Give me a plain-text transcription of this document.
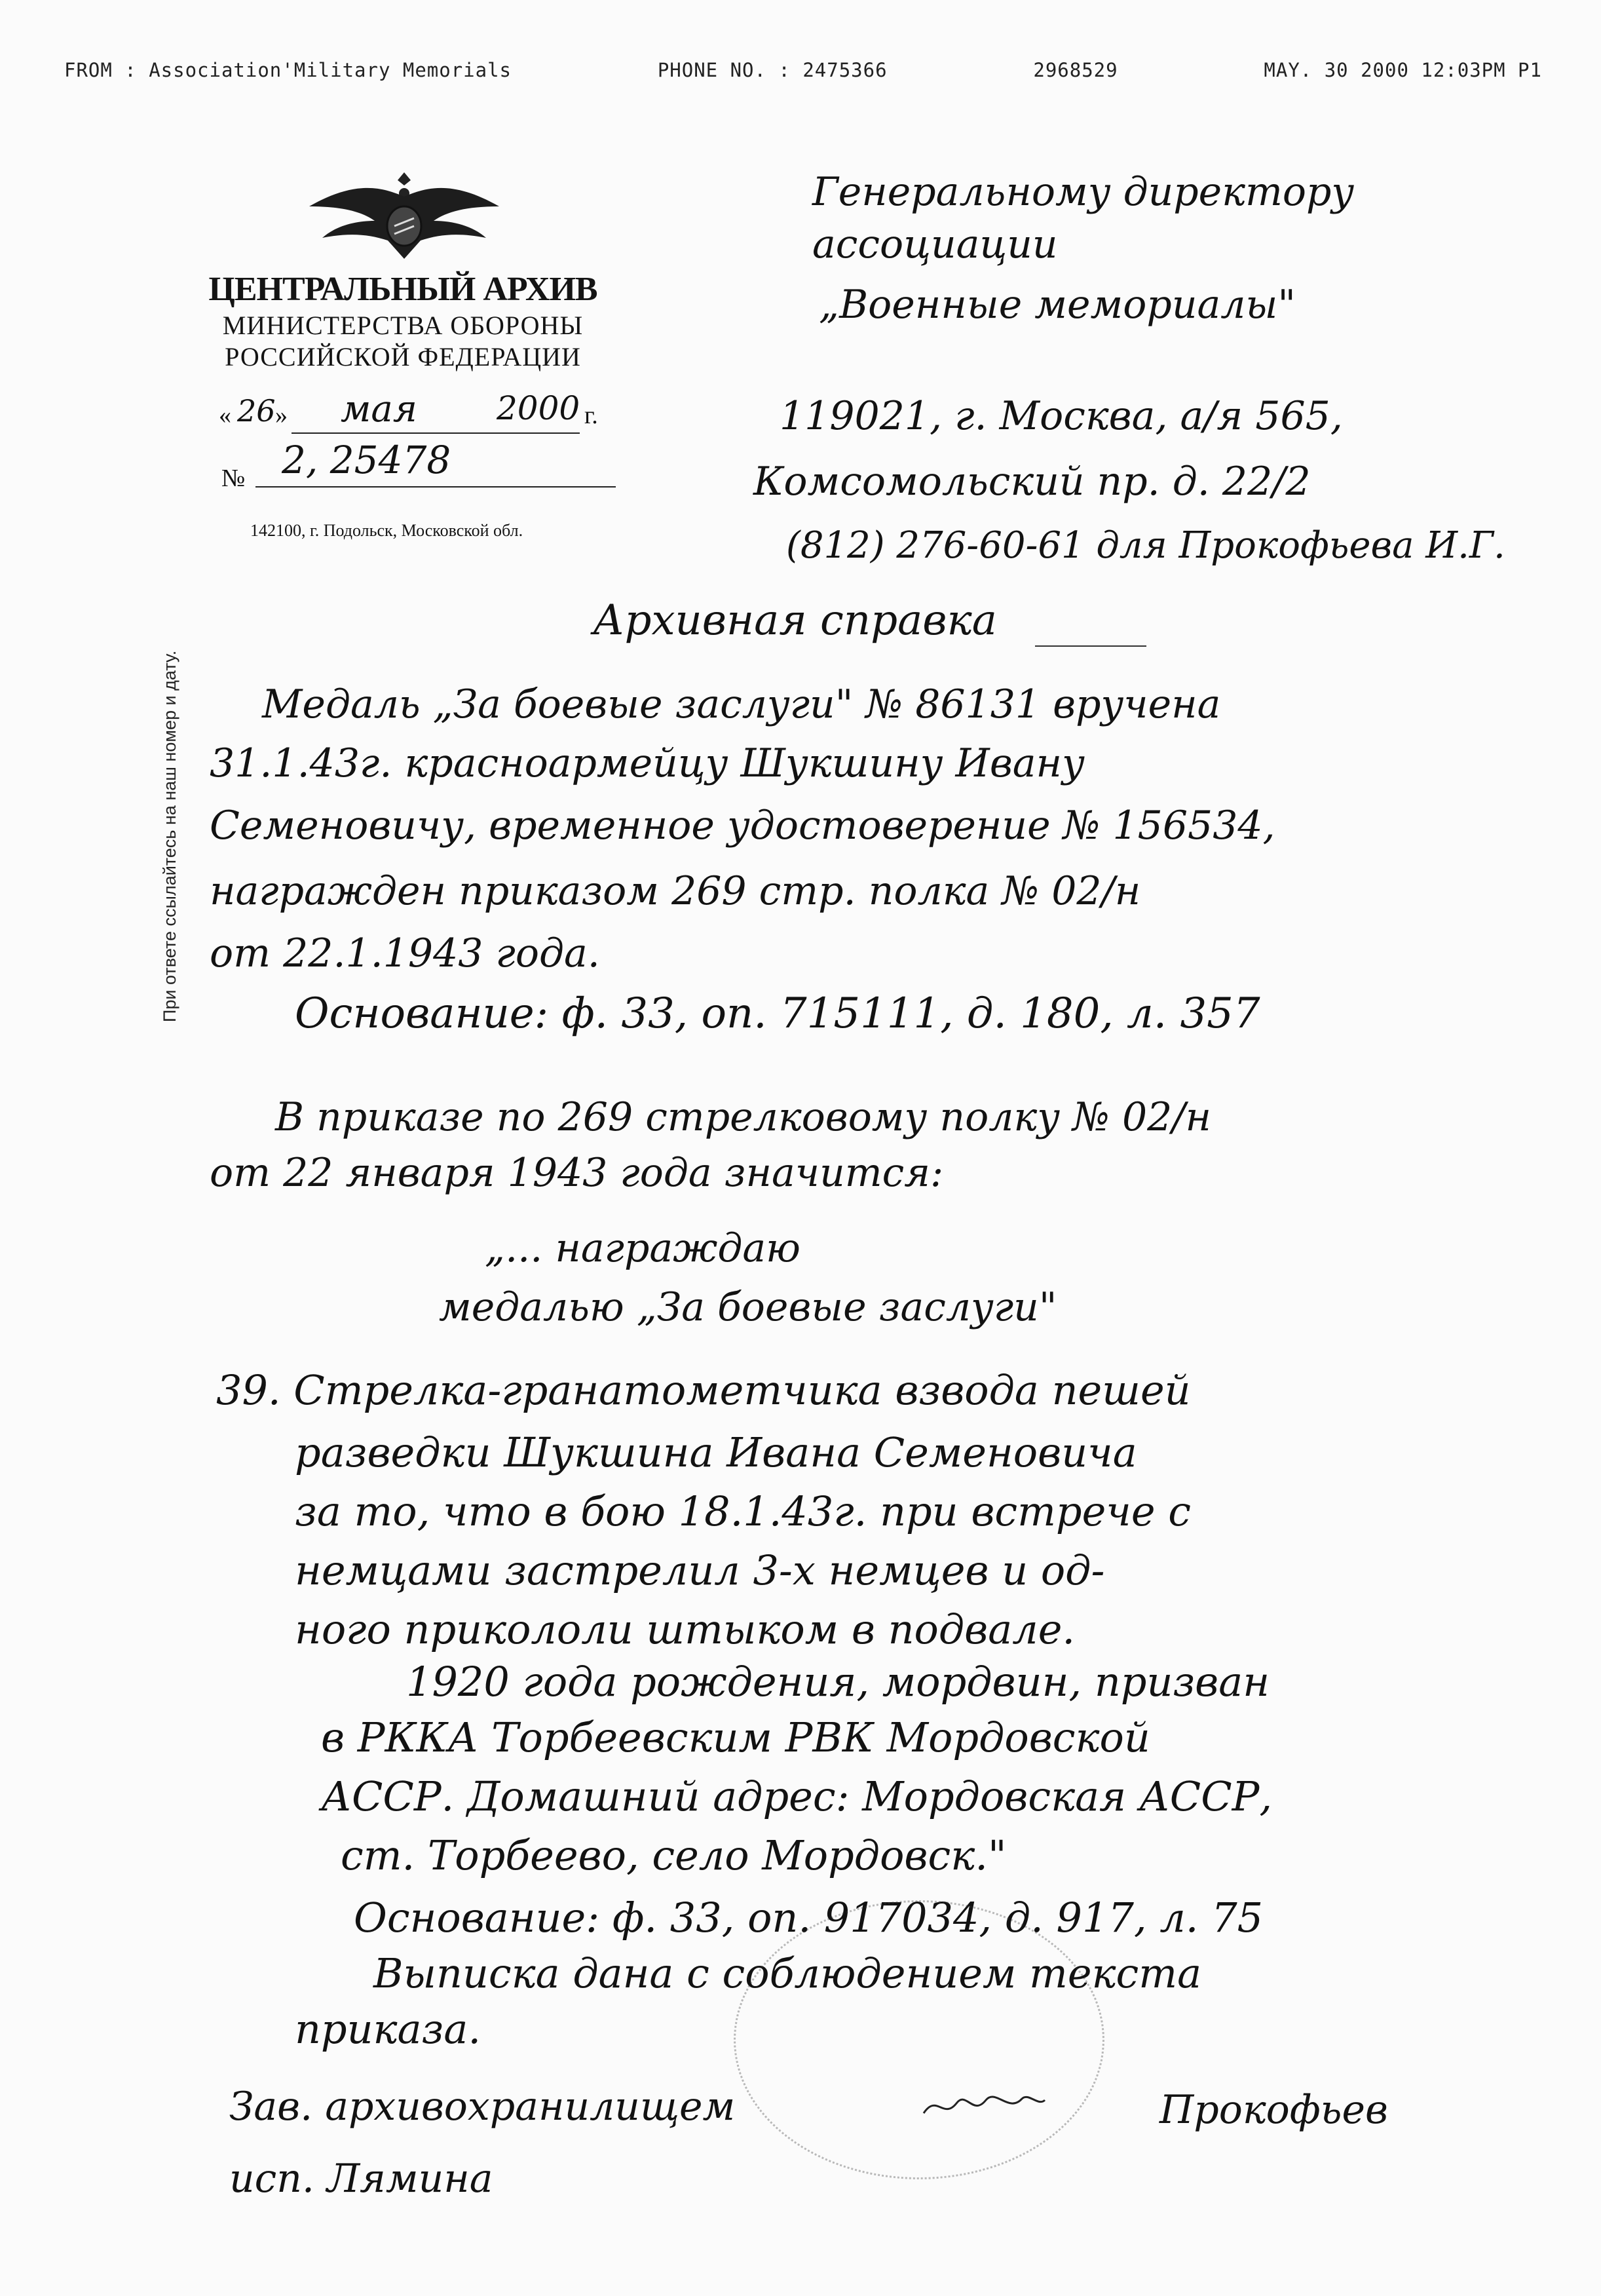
FROM : Association'Military Memorials	PHONE NO. : 2475366	2968529	MAY. 30 2000 12:03PM P1
ЦЕНТРАЛЬНЫЙ АРХИВ
МИНИСТЕРСТВА ОБОРОНЫ
РОССИЙСКОЙ ФЕДЕРАЦИИ
« 26 » мая 2000 г.
№ 2, 25478
142100, г. Подольск, Московской обл.
При ответе ссылайтесь на наш номер и дату.
Генеральному директору
ассоциации
„Военные мемориалы"
119021, г. Москва, а/я 565,
Комсомольский пр. д. 22/2
(812) 276-60-61 для Прокофьева И.Г.
Архивная справка
Медаль „За боевые заслуги" № 86131 вручена
31.1.43г. красноармейцу Шукшину Ивану
Семеновичу, временное удостоверение № 156534,
награжден приказом 269 стр. полка № 02/н
от 22.1.1943 года.
Основание: ф. 33, оп. 715111, д. 180, л. 357
В приказе по 269 стрелковому полку № 02/н
от 22 января 1943 года значится:
„... награждаю
медалью „За боевые заслуги"
39. Стрелка-гранатометчика взвода пешей
разведки Шукшина Ивана Семеновича
за то, что в бою 18.1.43г. при встрече с
немцами застрелил 3-х немцев и од-
ного прикололи штыком в подвале.
1920 года рождения, мордвин, призван
в РККА Торбеевским РВК Мордовской
АССР. Домашний адрес: Мордовская АССР,
ст. Торбеево, село Мордовск."
Основание: ф. 33, оп. 917034, д. 917, л. 75
Выписка дана с соблюдением текста
приказа.
Зав. архивохранилищем	Прокофьев
исп. Лямина
